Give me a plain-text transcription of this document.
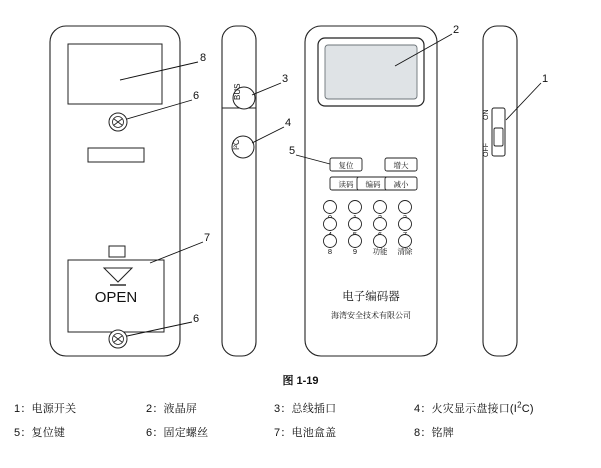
OPEN
BUS
I²C
复位	增大
读码 编码 减小
8	9 功能 清除
电子编码器
海湾安全技术有限公司
ON
OFF
8
6
7
6
3
4
5
2
1
图 1-19
1：电源开关	2：液晶屏	3：总线插口	4：火灾显示盘接口$(I^2C)$
5：复位键	6：固定螺丝	7：电池盒盖	8：铭牌
